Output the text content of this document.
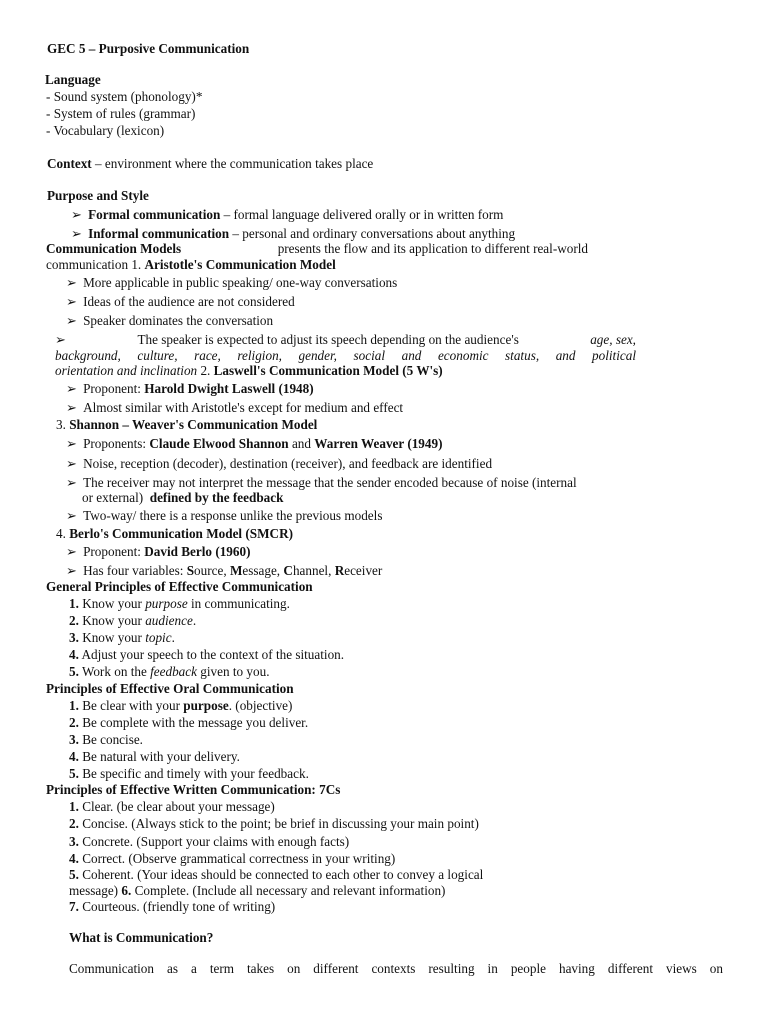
GEC 5 – Purposive Communication
Language
- Sound system (phonology)*
- System of rules (grammar)
- Vocabulary (lexicon)
Context – environment where the communication takes place
Purpose and Style
➢ Formal communication – formal language delivered orally or in written form
➢ Informal communication – personal and ordinary conversations about anything
Communication Models	presents the flow and its application to different real-world
communication 1. Aristotle's Communication Model
➢ More applicable in public speaking/ one-way conversations
➢ Ideas of the audience are not considered
➢ Speaker dominates the conversation
➢	The speaker is expected to adjust its speech depending on the audience's	age, sex,
background, culture, race, religion, gender, social and economic status, and political
orientation and inclination 2. Laswell's Communication Model (5 W's)
➢ Proponent: Harold Dwight Laswell (1948)
➢ Almost similar with Aristotle's except for medium and effect
3. Shannon – Weaver's Communication Model
➢ Proponents: Claude Elwood Shannon and Warren Weaver (1949)
➢ Noise, reception (decoder), destination (receiver), and feedback are identified
➢ The receiver may not interpret the message that the sender encoded because of noise (internal
or external) defined by the feedback
➢ Two-way/ there is a response unlike the previous models
4. Berlo's Communication Model (SMCR)
➢ Proponent: David Berlo (1960)
➢ Has four variables: Source, Message, Channel, Receiver
General Principles of Effective Communication
1. Know your purpose in communicating.
2. Know your audience.
3. Know your topic.
4. Adjust your speech to the context of the situation.
5. Work on the feedback given to you.
Principles of Effective Oral Communication
1. Be clear with your purpose. (objective)
2. Be complete with the message you deliver.
3. Be concise.
4. Be natural with your delivery.
5. Be specific and timely with your feedback.
Principles of Effective Written Communication: 7Cs
1. Clear. (be clear about your message)
2. Concise. (Always stick to the point; be brief in discussing your main point)
3. Concrete. (Support your claims with enough facts)
4. Correct. (Observe grammatical correctness in your writing)
5. Coherent. (Your ideas should be connected to each other to convey a logical
message) 6. Complete. (Include all necessary and relevant information)
7. Courteous. (friendly tone of writing)
What is Communication?
Communication as a term takes on different contexts resulting in people having different views on
